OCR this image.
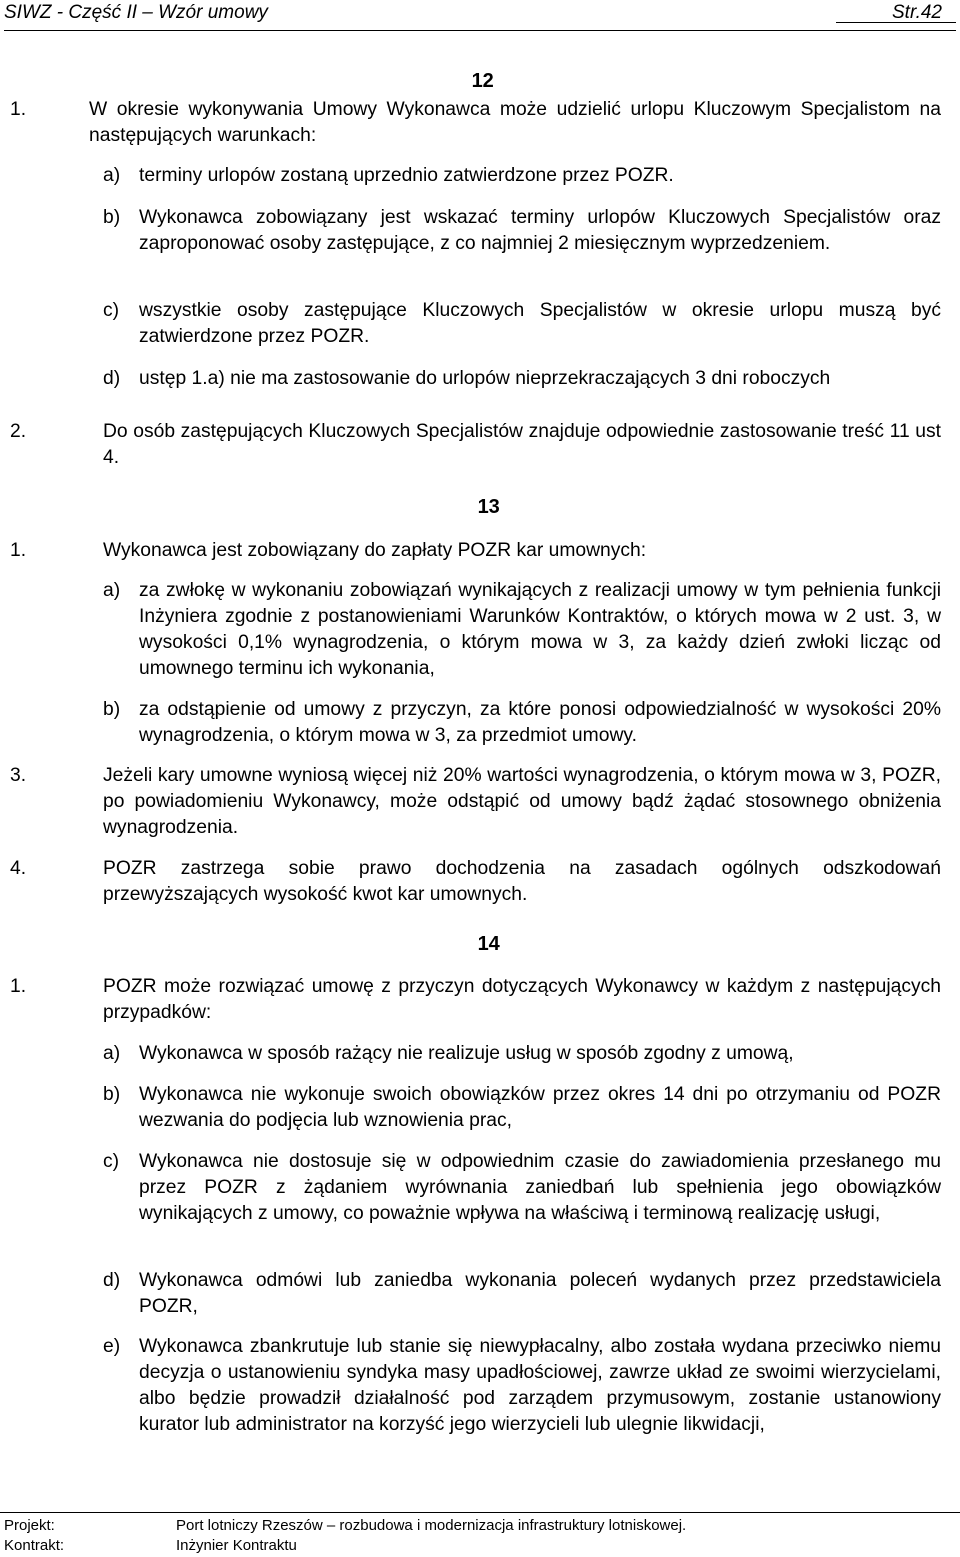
SIWZ - Część II – Wzór umowy	Str.42
12
1.	W okresie wykonywania Umowy Wykonawca może udzielić urlopu Kluczowym Specjalistom na następujących warunkach:
a) terminy urlopów zostaną uprzednio zatwierdzone przez POZR.
b) Wykonawca zobowiązany jest wskazać terminy urlopów Kluczowych Specjalistów oraz zaproponować osoby zastępujące, z co najmniej 2 miesięcznym wyprzedzeniem.
c) wszystkie osoby zastępujące Kluczowych Specjalistów w okresie urlopu muszą być zatwierdzone przez POZR.
d) ustęp 1.a) nie ma zastosowanie do urlopów nieprzekraczających 3 dni roboczych
2.	Do osób zastępujących Kluczowych Specjalistów znajduje odpowiednie zastosowanie treść 11 ust 4.
13
1.	Wykonawca jest zobowiązany do zapłaty POZR kar umownych:
a) za zwłokę w wykonaniu zobowiązań wynikających z realizacji umowy w tym pełnienia funkcji Inżyniera zgodnie z postanowieniami Warunków Kontraktów, o których mowa w 2 ust. 3, w wysokości 0,1% wynagrodzenia, o którym mowa w 3, za każdy dzień zwłoki licząc od umownego terminu ich wykonania,
b) za odstąpienie od umowy z przyczyn, za które ponosi odpowiedzialność w wysokości 20% wynagrodzenia, o którym mowa w 3, za przedmiot umowy.
3.	Jeżeli kary umowne wyniosą więcej niż 20% wartości wynagrodzenia, o którym mowa w 3, POZR, po powiadomieniu Wykonawcy, może odstąpić od umowy bądź żądać stosownego obniżenia wynagrodzenia.
4.	POZR zastrzega sobie prawo dochodzenia na zasadach ogólnych odszkodowań przewyższających wysokość kwot kar umownych.
14
1.	POZR może rozwiązać umowę z przyczyn dotyczących Wykonawcy w każdym z następujących przypadków:
a) Wykonawca w sposób rażący nie realizuje usług w sposób zgodny z umową,
b) Wykonawca nie wykonuje swoich obowiązków przez okres 14 dni po otrzymaniu od POZR wezwania do podjęcia lub wznowienia prac,
c) Wykonawca nie dostosuje się w odpowiednim czasie do zawiadomienia przesłanego mu przez POZR z żądaniem wyrównania zaniedbań lub spełnienia jego obowiązków wynikających z umowy, co poważnie wpływa na właściwą i terminową realizację usługi,
d) Wykonawca odmówi lub zaniedba wykonania poleceń wydanych przez przedstawiciela POZR,
e) Wykonawca zbankrutuje lub stanie się niewypłacalny, albo została wydana przeciwko niemu decyzja o ustanowieniu syndyka masy upadłościowej, zawrze układ ze swoimi wierzycielami, albo będzie prowadził działalność pod zarządem przymusowym, zostanie ustanowiony kurator lub administrator na korzyść jego wierzycieli lub ulegnie likwidacji,
Projekt:	Port lotniczy Rzeszów – rozbudowa i modernizacja infrastruktury lotniskowej.
Kontrakt:	Inżynier Kontraktu
